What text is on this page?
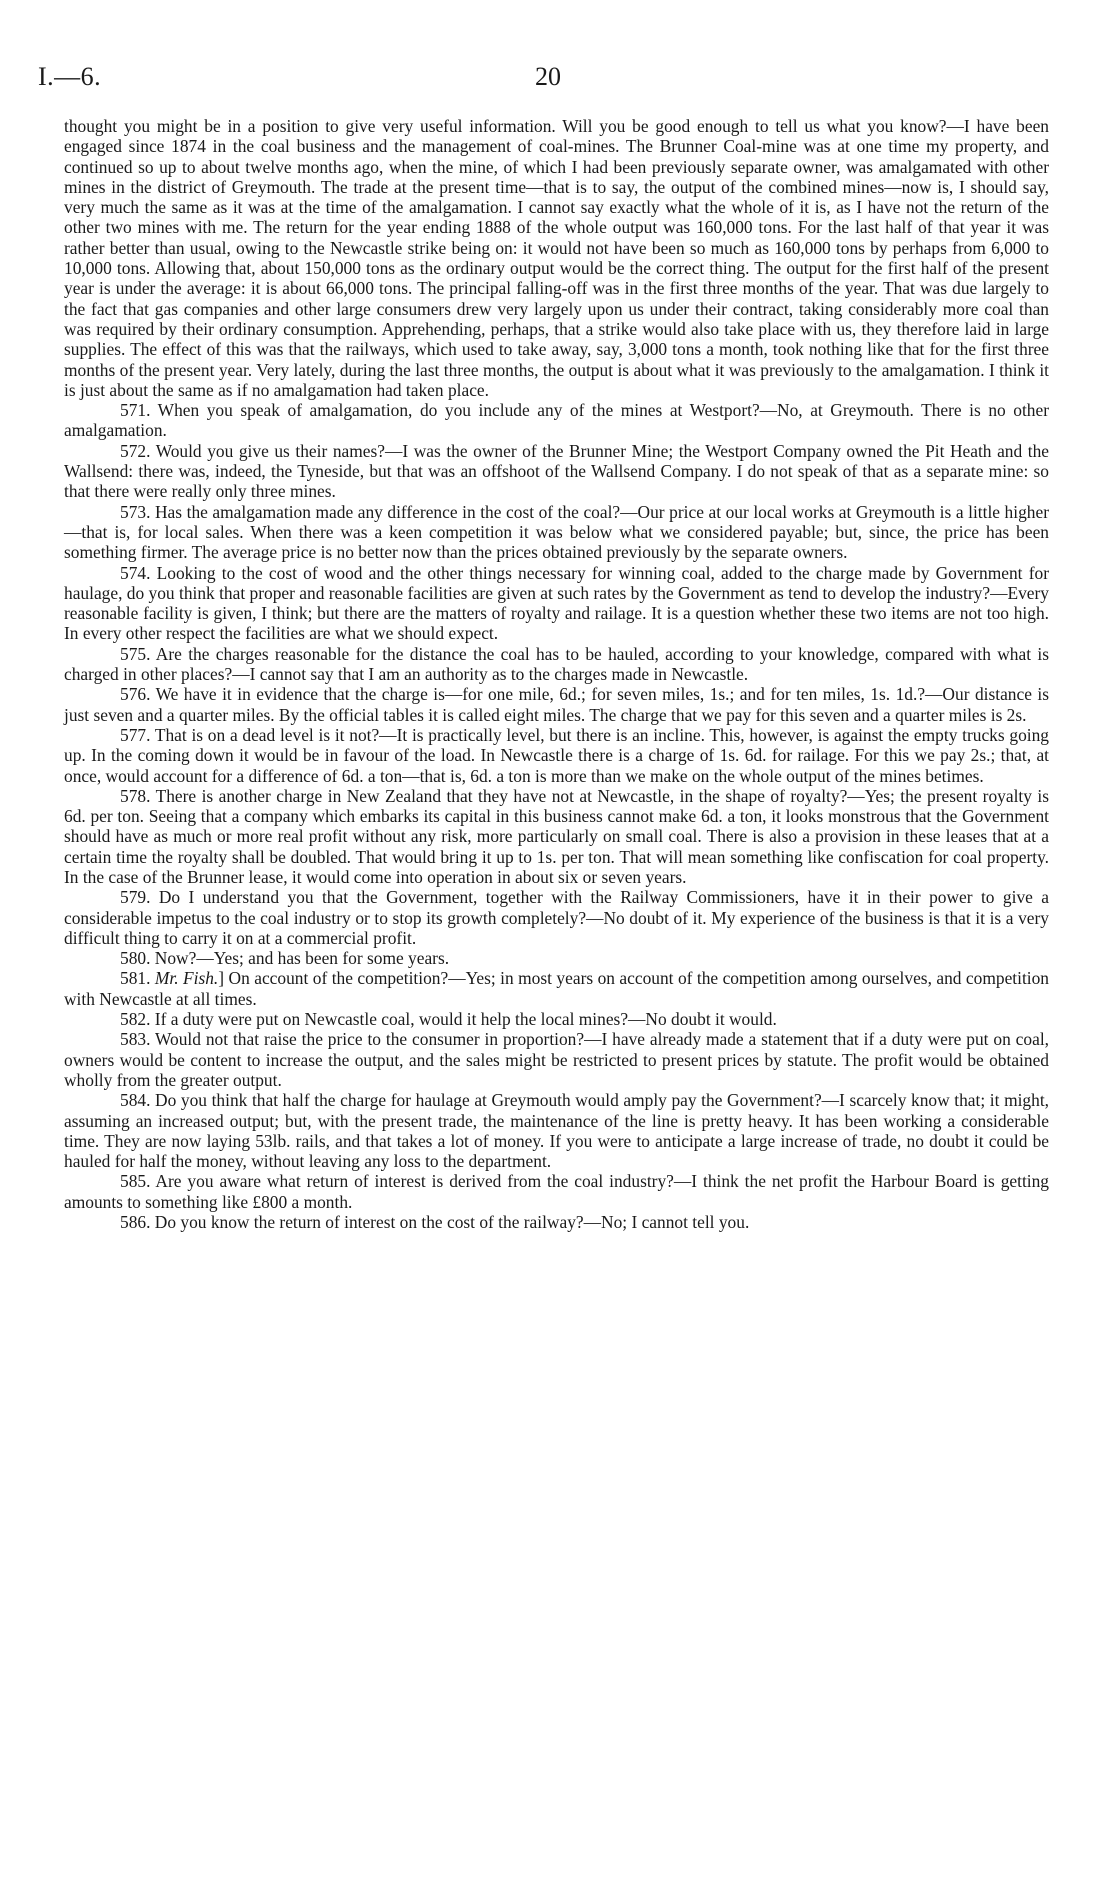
I.—6.	20

thought you might be in a position to give very useful information. Will you be good enough to tell us what you know?—I have been engaged since 1874 in the coal business and the management of coal-mines. The Brunner Coal-mine was at one time my property, and continued so up to about twelve months ago, when the mine, of which I had been previously separate owner, was amalgamated with other mines in the district of Greymouth. The trade at the present time—that is to say, the output of the combined mines—now is, I should say, very much the same as it was at the time of the amalgamation. I cannot say exactly what the whole of it is, as I have not the return of the other two mines with me. The return for the year ending 1888 of the whole output was 160,000 tons. For the last half of that year it was rather better than usual, owing to the Newcastle strike being on: it would not have been so much as 160,000 tons by perhaps from 6,000 to 10,000 tons. Allowing that, about 150,000 tons as the ordinary output would be the correct thing. The output for the first half of the present year is under the average: it is about 66,000 tons. The principal falling-off was in the first three months of the year. That was due largely to the fact that gas companies and other large consumers drew very largely upon us under their contract, taking considerably more coal than was required by their ordinary consumption. Apprehending, perhaps, that a strike would also take place with us, they therefore laid in large supplies. The effect of this was that the railways, which used to take away, say, 3,000 tons a month, took nothing like that for the first three months of the present year. Very lately, during the last three months, the output is about what it was previously to the amalgamation. I think it is just about the same as if no amalgamation had taken place.

571. When you speak of amalgamation, do you include any of the mines at Westport?—No, at Greymouth. There is no other amalgamation.

572. Would you give us their names?—I was the owner of the Brunner Mine; the Westport Company owned the Pit Heath and the Wallsend: there was, indeed, the Tyneside, but that was an offshoot of the Wallsend Company. I do not speak of that as a separate mine: so that there were really only three mines.

573. Has the amalgamation made any difference in the cost of the coal?—Our price at our local works at Greymouth is a little higher—that is, for local sales. When there was a keen competition it was below what we considered payable; but, since, the price has been something firmer. The average price is no better now than the prices obtained previously by the separate owners.

574. Looking to the cost of wood and the other things necessary for winning coal, added to the charge made by Government for haulage, do you think that proper and reasonable facilities are given at such rates by the Government as tend to develop the industry?—Every reasonable facility is given, I think; but there are the matters of royalty and railage. It is a question whether these two items are not too high. In every other respect the facilities are what we should expect.

575. Are the charges reasonable for the distance the coal has to be hauled, according to your knowledge, compared with what is charged in other places?—I cannot say that I am an authority as to the charges made in Newcastle.

576. We have it in evidence that the charge is—for one mile, 6d.; for seven miles, 1s.; and for ten miles, 1s. 1d.?—Our distance is just seven and a quarter miles. By the official tables it is called eight miles. The charge that we pay for this seven and a quarter miles is 2s.

577. That is on a dead level is it not?—It is practically level, but there is an incline. This, however, is against the empty trucks going up. In the coming down it would be in favour of the load. In Newcastle there is a charge of 1s. 6d. for railage. For this we pay 2s.; that, at once, would account for a difference of 6d. a ton—that is, 6d. a ton is more than we make on the whole output of the mines betimes.

578. There is another charge in New Zealand that they have not at Newcastle, in the shape of royalty?—Yes; the present royalty is 6d. per ton. Seeing that a company which embarks its capital in this business cannot make 6d. a ton, it looks monstrous that the Government should have as much or more real profit without any risk, more particularly on small coal. There is also a provision in these leases that at a certain time the royalty shall be doubled. That would bring it up to 1s. per ton. That will mean something like confiscation for coal property. In the case of the Brunner lease, it would come into operation in about six or seven years.

579. Do I understand you that the Government, together with the Railway Commissioners, have it in their power to give a considerable impetus to the coal industry or to stop its growth completely?—No doubt of it. My experience of the business is that it is a very difficult thing to carry it on at a commercial profit.

580. Now?—Yes; and has been for some years.

581. Mr. Fish.] On account of the competition?—Yes; in most years on account of the competition among ourselves, and competition with Newcastle at all times.

582. If a duty were put on Newcastle coal, would it help the local mines?—No doubt it would.

583. Would not that raise the price to the consumer in proportion?—I have already made a statement that if a duty were put on coal, owners would be content to increase the output, and the sales might be restricted to present prices by statute. The profit would be obtained wholly from the greater output.

584. Do you think that half the charge for haulage at Greymouth would amply pay the Government?—I scarcely know that; it might, assuming an increased output; but, with the present trade, the maintenance of the line is pretty heavy. It has been working a considerable time. They are now laying 53lb. rails, and that takes a lot of money. If you were to anticipate a large increase of trade, no doubt it could be hauled for half the money, without leaving any loss to the department.

585. Are you aware what return of interest is derived from the coal industry?—I think the net profit the Harbour Board is getting amounts to something like £800 a month.

586. Do you know the return of interest on the cost of the railway?—No; I cannot tell you.
